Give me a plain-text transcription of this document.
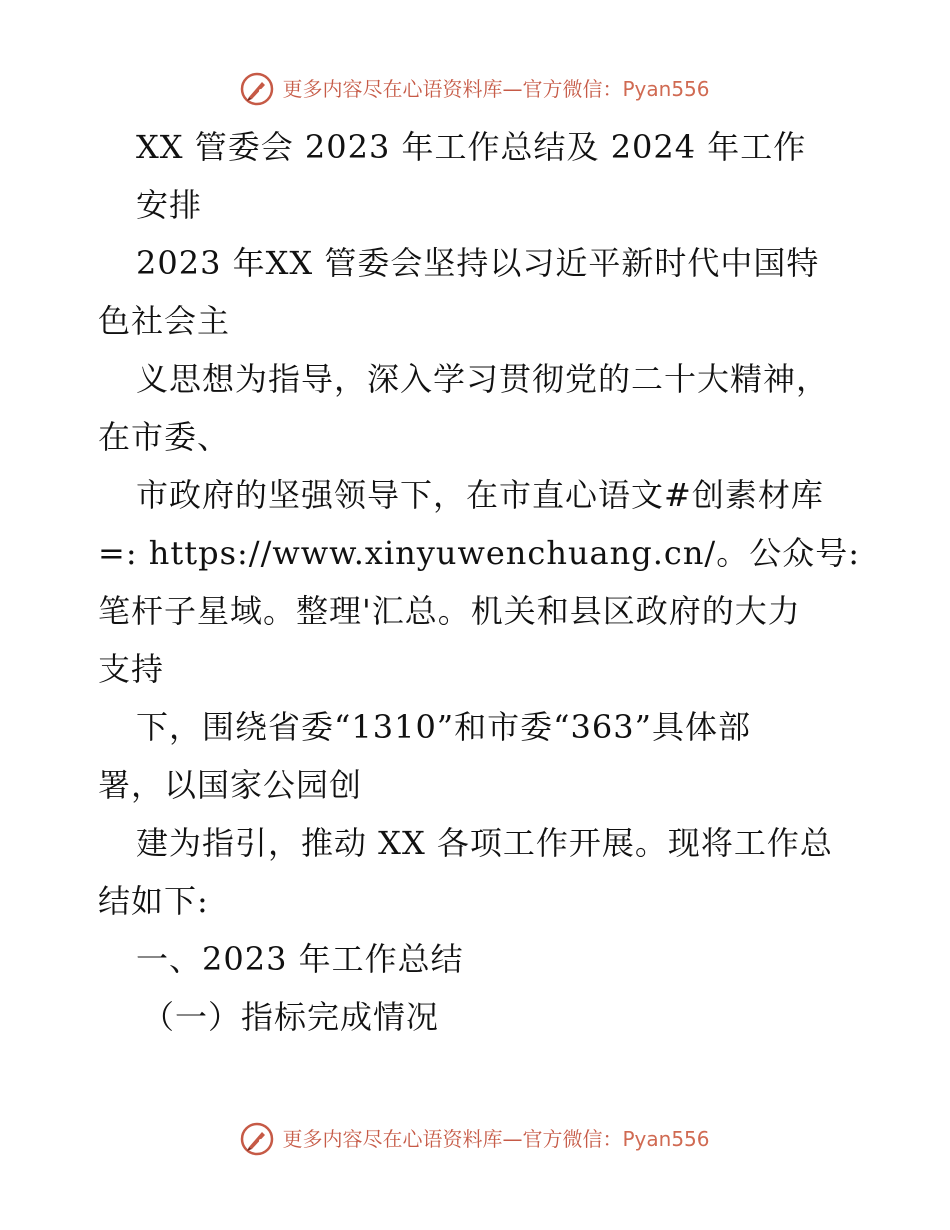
更多内容尽在心语资料库—官方微信：Pyan556
XX 管委会 2023 年工作总结及 2024 年工作
安排
2023 年XX 管委会坚持以习近平新时代中国特
色社会主
义思想为指导，深入学习贯彻党的二十大精神，
在市委、
市政府的坚强领导下，在市直心语文#创素材库
=: https://www.xinyuwenchuang.cn/。公众号:
笔杆子星域。整理'汇总。机关和县区政府的大力
支持
下，围绕省委“1310”和市委“363”具体部
署，以国家公园创
建为指引，推动 XX 各项工作开展。现将工作总
结如下:
一、2023 年工作总结
（一）指标完成情况
更多内容尽在心语资料库—官方微信：Pyan556
